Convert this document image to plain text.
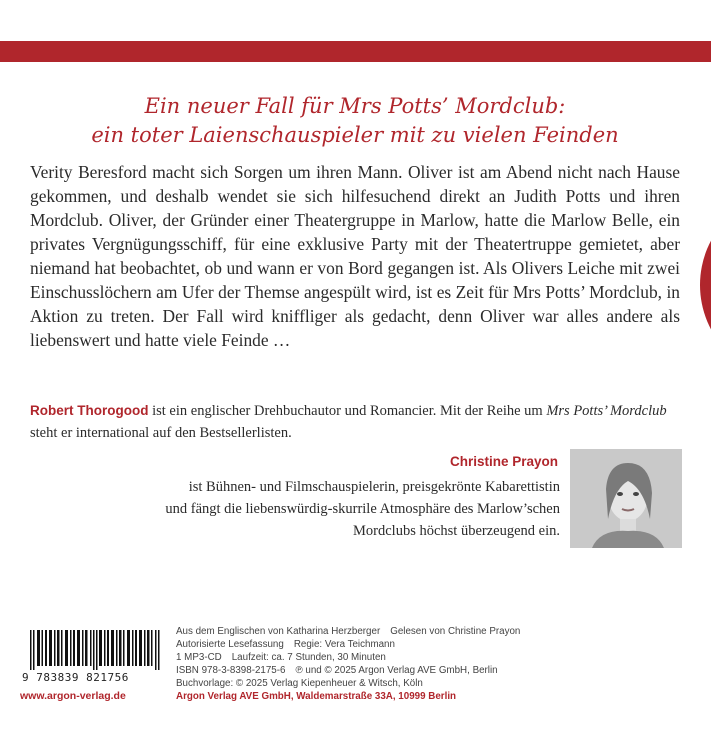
Ein neuer Fall für Mrs Potts’ Mordclub:
ein toter Laienschauspieler mit zu vielen Feinden
Verity Beresford macht sich Sorgen um ihren Mann. Oliver ist am Abend nicht nach Hause gekommen, und deshalb wendet sie sich hilfesuchend direkt an Judith Potts und ihren Mordclub. Oliver, der Gründer einer Theatergruppe in Marlow, hatte die Marlow Belle, ein privates Vergnügungsschiff, für eine exklusive Party mit der Theatertruppe gemietet, aber niemand hat beobachtet, ob und wann er von Bord gegangen ist. Als Olivers Leiche mit zwei Einschusslöchern am Ufer der Themse angespült wird, ist es Zeit für Mrs Potts’ Mordclub, in Aktion zu treten. Der Fall wird kniffliger als gedacht, denn Oliver war alles andere als liebenswert und hatte viele Feinde …
Robert Thorogood ist ein englischer Drehbuchautor und Romancier. Mit der Reihe um Mrs Potts’ Mordclub steht er international auf den Bestsellerlisten.
Christine Prayon
ist Bühnen- und Filmschauspielerin, preisgekrönte Kabarettistin
und fängt die liebenswürdig-skurrile Atmosphäre des Marlow’schen
Mordclubs höchst überzeugend ein.
9 783839 821756
www.argon-verlag.de
Aus dem Englischen von Katharina Herzberger Gelesen von Christine Prayon
Autorisierte Lesefassung Regie: Vera Teichmann
1 MP3-CD Laufzeit: ca. 7 Stunden, 30 Minuten
ISBN 978-3-8398-2175-6 ℗ und © 2025 Argon Verlag AVE GmbH, Berlin
Buchvorlage: © 2025 Verlag Kiepenheuer & Witsch, Köln
Argon Verlag AVE GmbH, Waldemarstraße 33A, 10999 Berlin
